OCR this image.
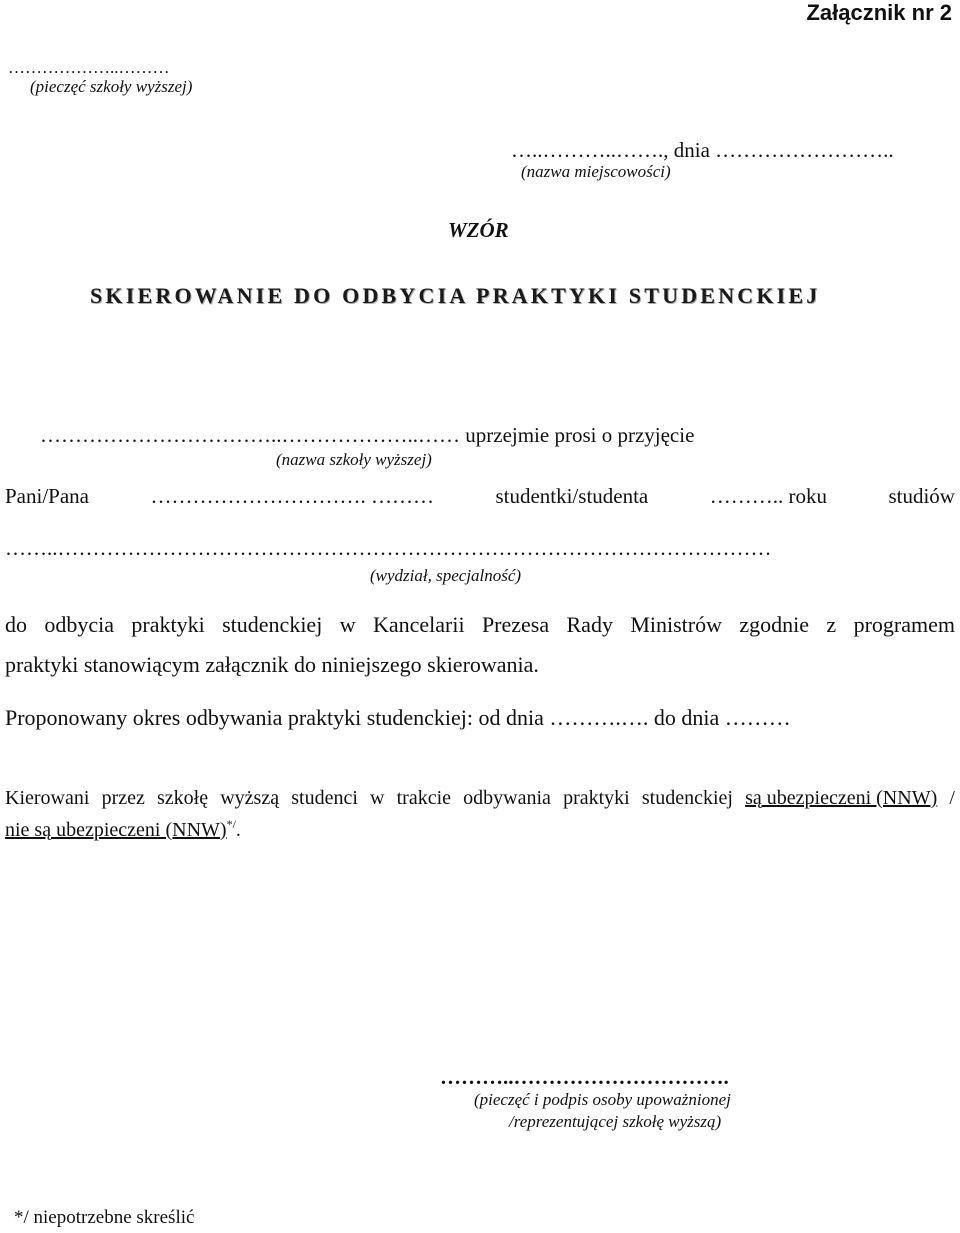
Załącznik nr 2
………………..………
(pieczęć szkoły wyższej)
…..………..……., dnia ……………………..
(nazwa miejscowości)
WZÓR
SKIEROWANIE DO ODBYCIA PRAKTYKI STUDENCKIEJ
……………………………..………………..…… uprzejmie prosi o przyjęcie
(nazwa szkoły wyższej)
Pani/Pana	…………………………. ………	studentki/studenta	……….. roku	studiów
……..…………………………………………………………………………………………
(wydział, specjalność)
do odbycia praktyki studenckiej w Kancelarii Prezesa Rady Ministrów zgodnie z programem
praktyki stanowiącym załącznik do niniejszego skierowania.
Proponowany okres odbywania praktyki studenckiej: od dnia ……….…. do dnia ………
Kierowani przez szkołę wyższą studenci w trakcie odbywania praktyki studenckiej są ubezpieczeni (NNW) /
nie są ubezpieczeni (NNW)*/.
………..………………………….
(pieczęć i podpis osoby upoważnionej
/reprezentującej szkołę wyższą)
*/ niepotrzebne skreślić
